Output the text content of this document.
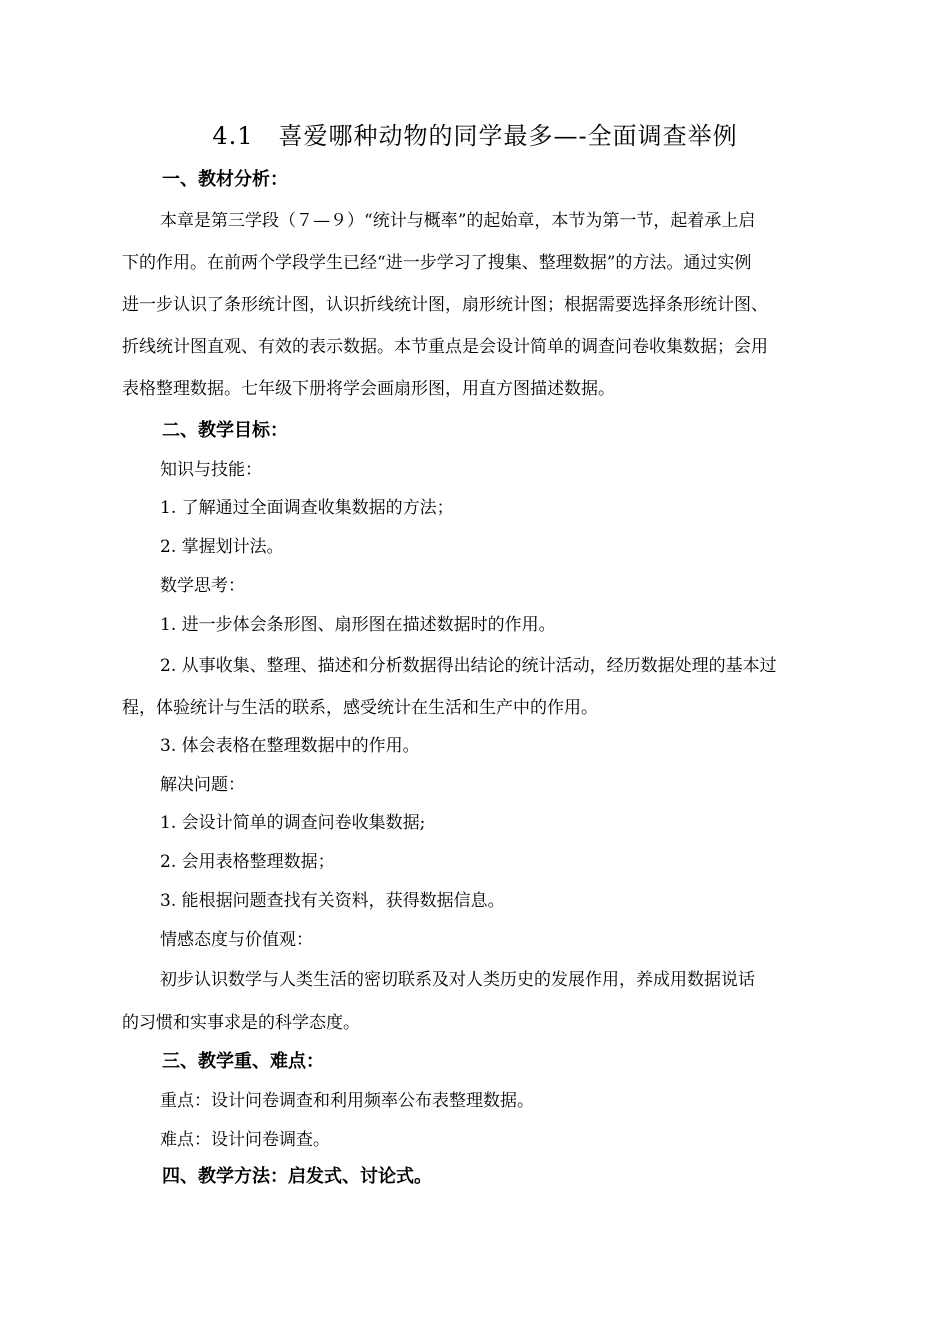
4.1　喜爱哪种动物的同学最多—-全面调查举例
一、教材分析：
本章是第三学段（７—９）“统计与概率”的起始章，本节为第一节，起着承上启
下的作用。在前两个学段学生已经“进一步学习了搜集、整理数据”的方法。通过实例
进一步认识了条形统计图，认识折线统计图，扇形统计图；根据需要选择条形统计图、
折线统计图直观、有效的表示数据。本节重点是会设计简单的调查问卷收集数据；会用
表格整理数据。七年级下册将学会画扇形图，用直方图描述数据。
二、教学目标：
知识与技能：
1. 了解通过全面调查收集数据的方法；
2. 掌握划计法。
数学思考：
1. 进一步体会条形图、扇形图在描述数据时的作用。
2. 从事收集、整理、描述和分析数据得出结论的统计活动，经历数据处理的基本过
程，体验统计与生活的联系，感受统计在生活和生产中的作用。
3. 体会表格在整理数据中的作用。
解决问题：
1. 会设计简单的调查问卷收集数据;
2. 会用表格整理数据；
3. 能根据问题查找有关资料，获得数据信息。
情感态度与价值观：
初步认识数学与人类生活的密切联系及对人类历史的发展作用，养成用数据说话
的习惯和实事求是的科学态度。
三、教学重、难点：
重点：设计问卷调查和利用频率公布表整理数据。
难点：设计问卷调查。
四、教学方法：启发式、讨论式。
